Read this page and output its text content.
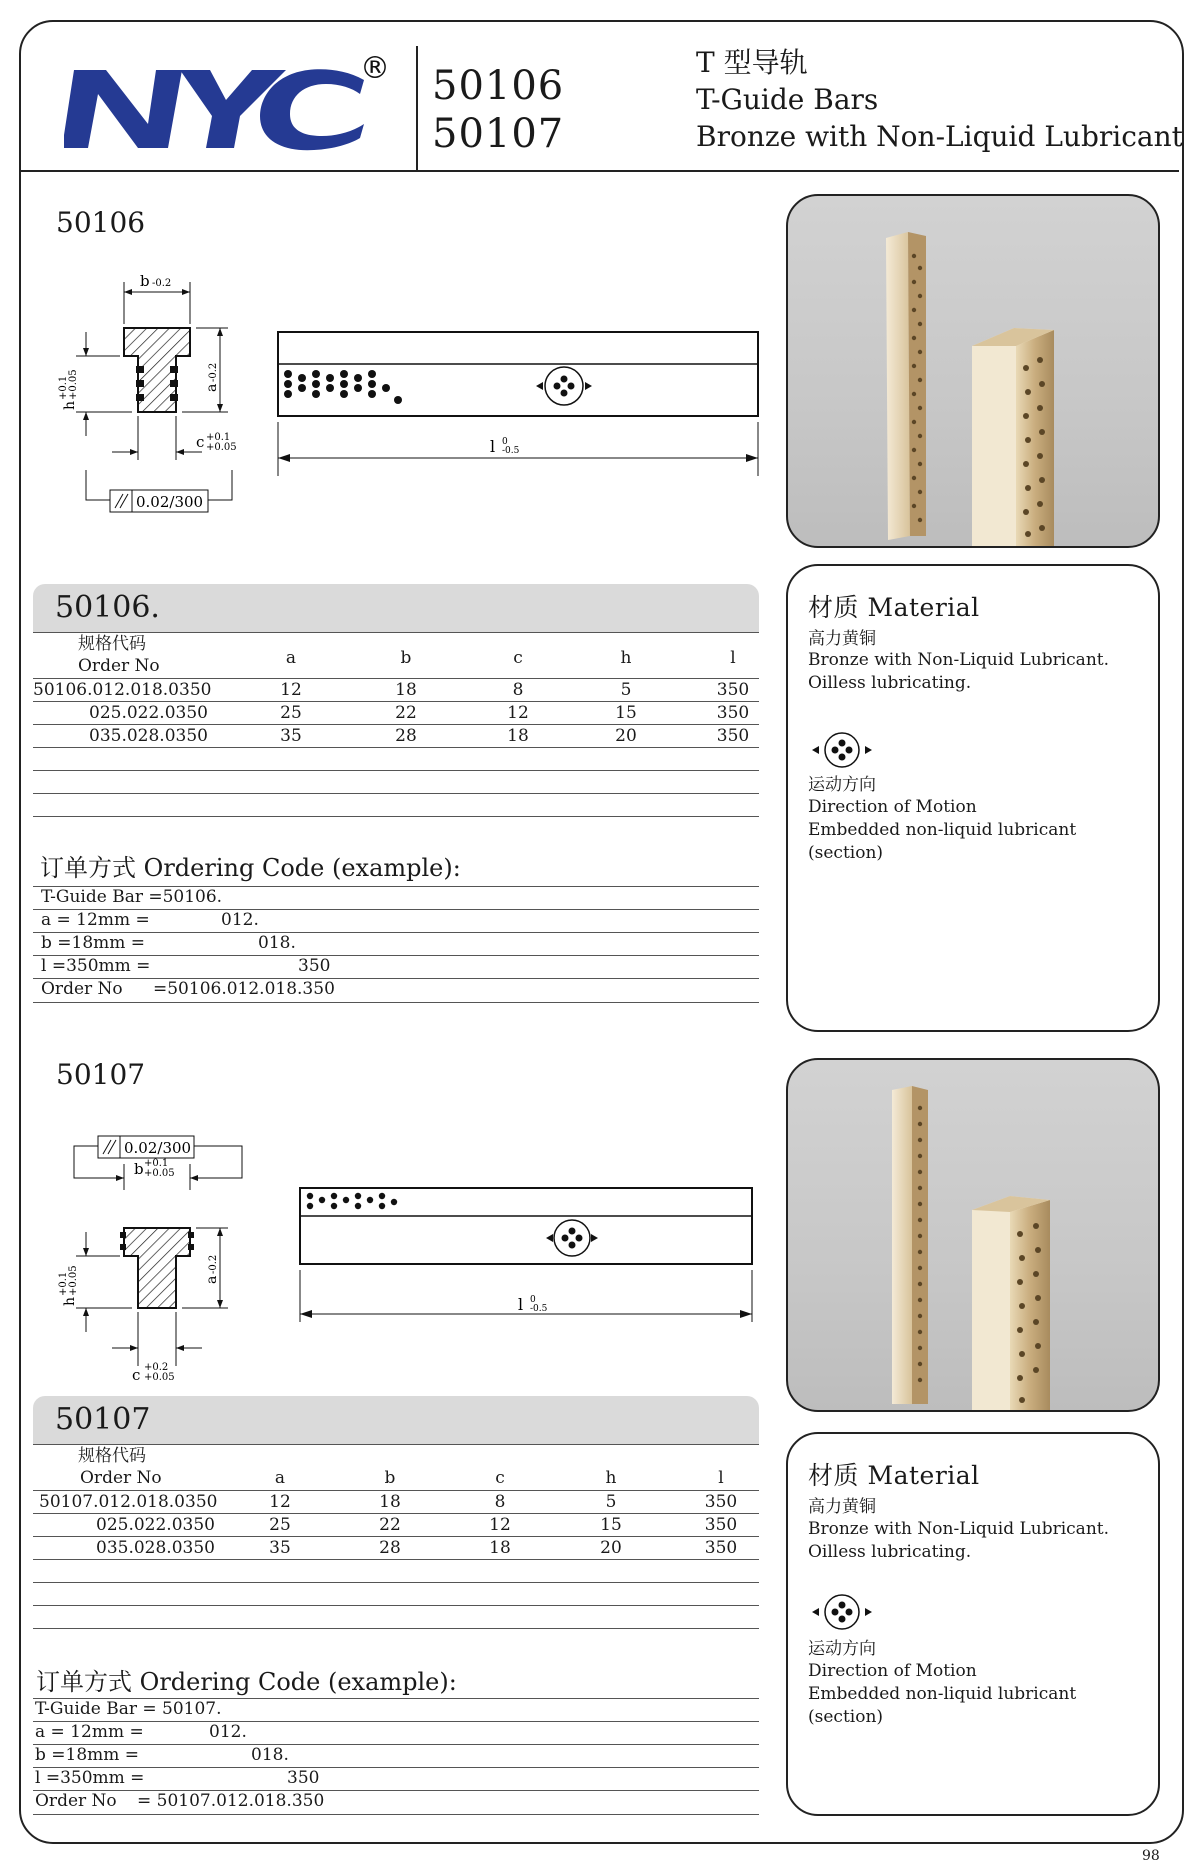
® 50106
50107
T 型导轨
T-Guide Bars
Bronze with Non-Liquid Lubricant
50106
b -0.2
a
-0.2
h
+0.1 +0.05
c +0.1
+0.05
0.02/300
l 0
-0.5
50106.
规格代码
Order No	a	b	c	h	l
50106.012.018.0350	12	18	8	5	350
025.022.0350	25	22	12	15	350
035.028.0350	35	28	18	20	350
订单方式 Ordering Code (example):
T-Guide Bar =50106.
a = 12mm =	012.
b =18mm =	018.
l =350mm =	350
Order No =50106.012.018.350
材质 Material
高力黄铜
Bronze with Non-Liquid Lubricant.
Oilless lubricating.
运动方向
Direction of Motion
Embedded non-liquid lubricant
(section)
50107
0.02/300
b +0.1
+0.05
a
-0.2
h
+0.1 +0.05
c +0.2
+0.05
l 0
-0.5
50107
规格代码
Order No	a	b	c	h	l
50107.012.018.0350	12	18	8	5	350
025.022.0350	25	22	12	15	350
035.028.0350	35	28	18	20	350
订单方式 Ordering Code (example):
T-Guide Bar = 50107.
a = 12mm =	012.
b =18mm =	018.
l =350mm =	350
Order No = 50107.012.018.350
材质 Material
高力黄铜
Bronze with Non-Liquid Lubricant.
Oilless lubricating.
运动方向
Direction of Motion
Embedded non-liquid lubricant
(section)
98
